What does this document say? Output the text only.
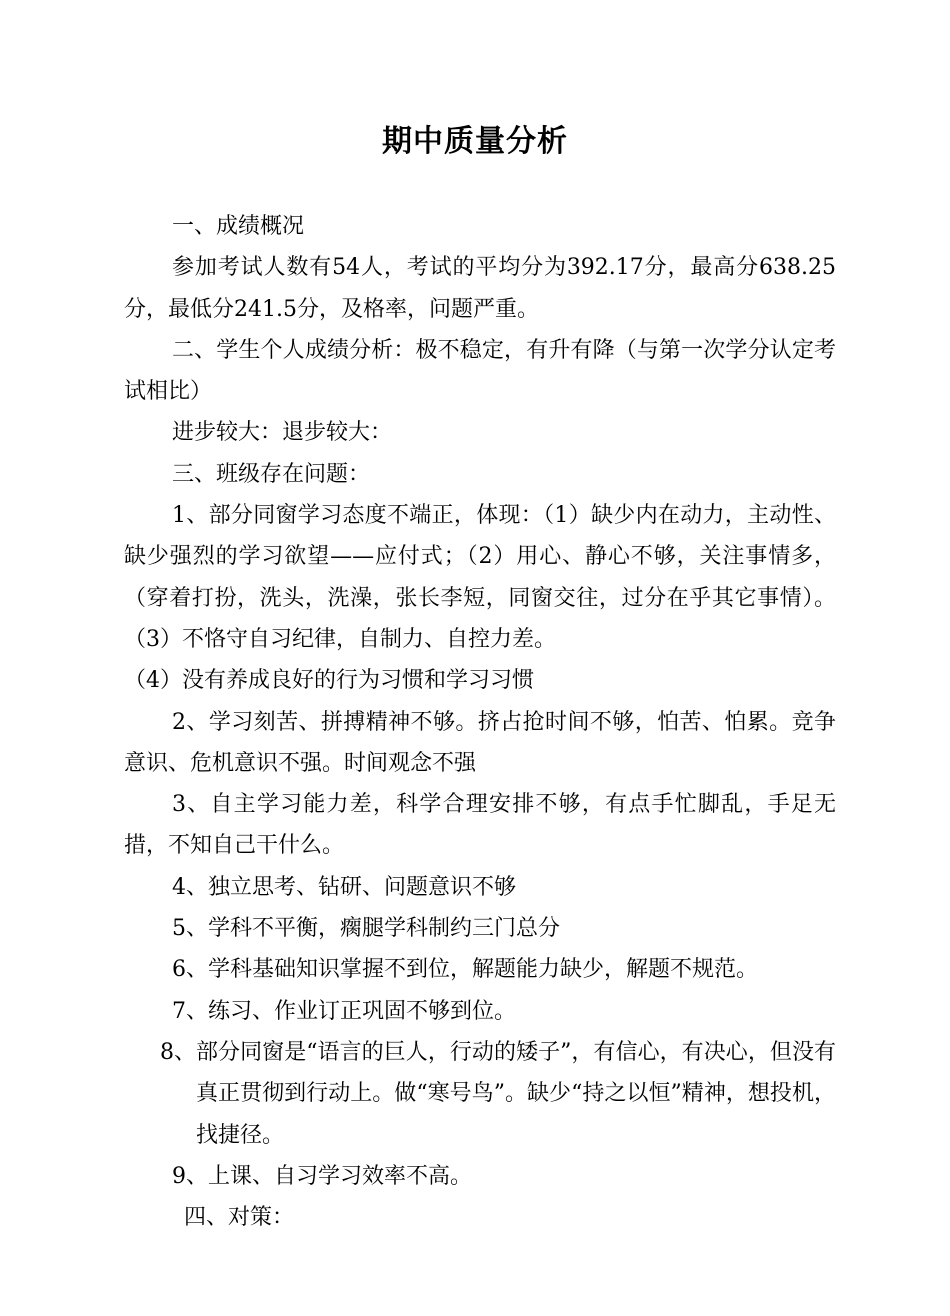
期中质量分析

一、成绩概况

参加考试人数有54人，考试的平均分为392.17分，最高分638.25分，最低分241.5分，及格率，问题严重。

二、学生个人成绩分析：极不稳定，有升有降（与第一次学分认定考试相比）

进步较大：退步较大：

三、班级存在问题：

1、部分同窗学习态度不端正，体现：（1）缺少内在动力，主动性、缺少强烈的学习欲望——应付式；（2）用心、静心不够，关注事情多，（穿着打扮，洗头，洗澡，张长李短，同窗交往，过分在乎其它事情）。（3）不恪守自习纪律，自制力、自控力差。

（4）没有养成良好的行为习惯和学习习惯

2、学习刻苦、拼搏精神不够。挤占抢时间不够，怕苦、怕累。竞争意识、危机意识不强。时间观念不强

3、自主学习能力差，科学合理安排不够，有点手忙脚乱，手足无措，不知自己干什么。

4、独立思考、钻研、问题意识不够

5、学科不平衡，瘸腿学科制约三门总分

6、学科基础知识掌握不到位，解题能力缺少，解题不规范。

7、练习、作业订正巩固不够到位。

8、 部分同窗是“语言的巨人，行动的矮子”，有信心，有决心，但没有真正贯彻到行动上。做“寒号鸟”。缺少“持之以恒”精神，想投机，找捷径。

9、上课、自习学习效率不高。

四、对策：
